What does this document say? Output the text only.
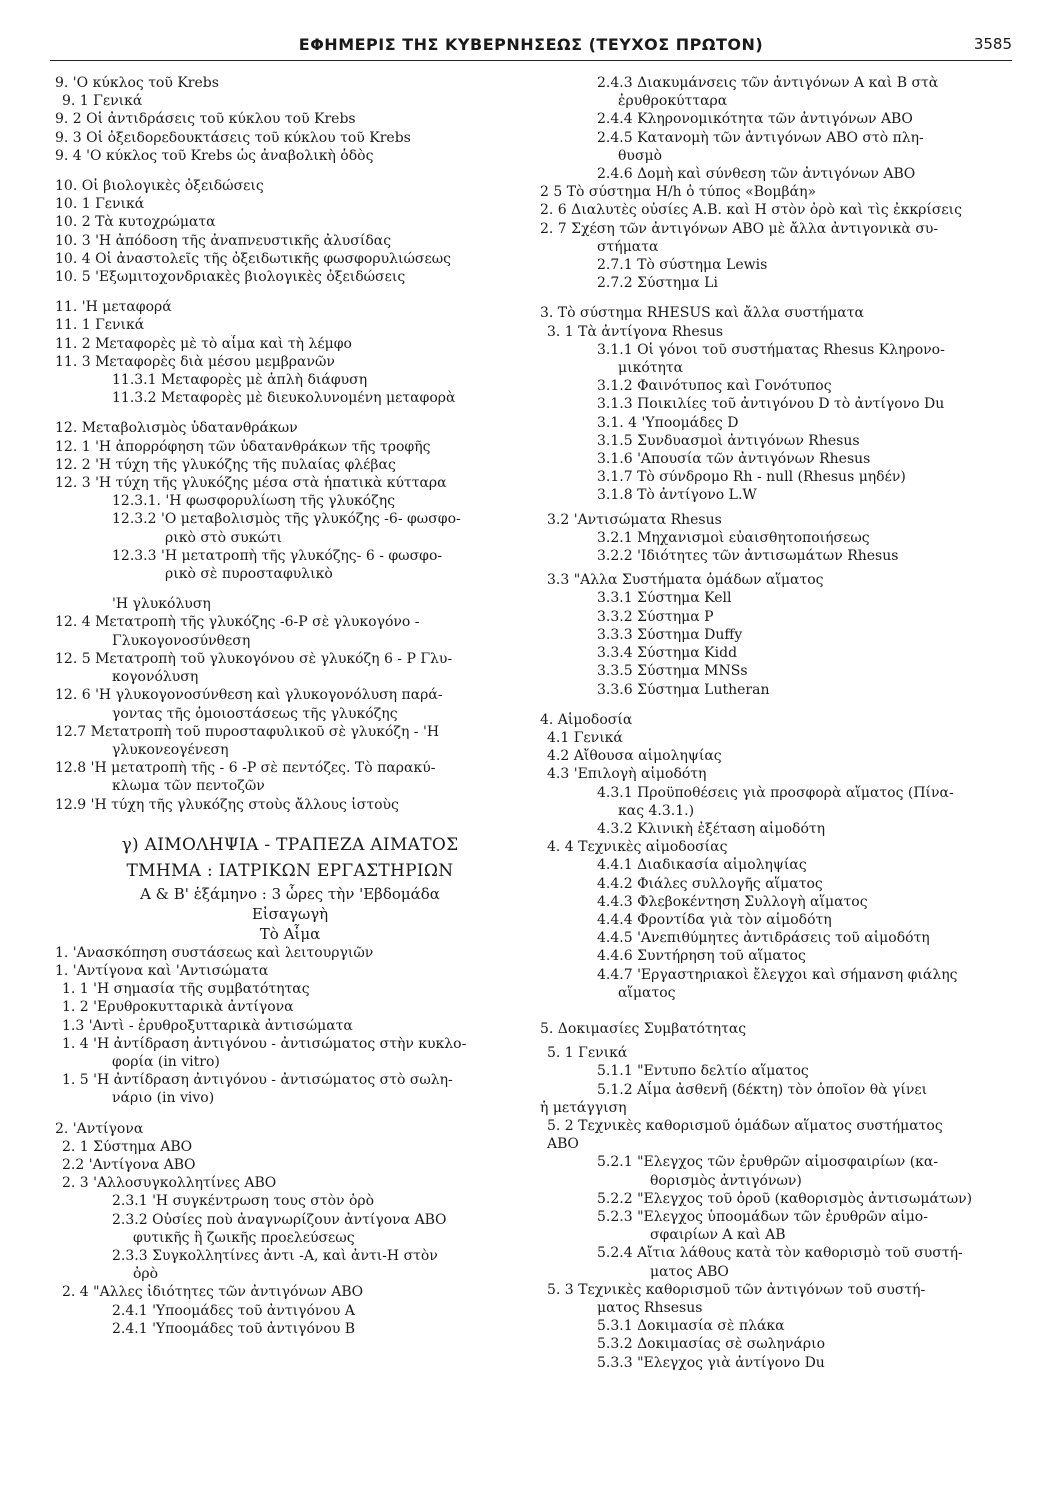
ΕΦΗΜΕΡΙΣ ΤΗΣ ΚΥΒΕΡΝΗΣΕΩΣ (ΤΕΥΧΟΣ ΠΡΩΤΟΝ)	3585
9. 'Ο κύκλος τοῦ Krebs
9. 1 Γενικά
9. 2 Οἱ ἀντιδράσεις τοῦ κύκλου τοῦ Krebs
9. 3 Οἱ ὀξειδορεδουκτάσεις τοῦ κύκλου τοῦ Krebs
9. 4 'Ο κύκλος τοῦ Krebs ὡς ἀναβολικὴ ὁδὸς
10. Οἱ βιολογικὲς ὀξειδώσεις
10. 1 Γενικά
10. 2 Τὰ κυτοχρώματα
10. 3 'Η ἀπόδοση τῆς ἀναπνευστικῆς ἀλυσίδας
10. 4 Οἱ ἀναστολεῖς τῆς ὀξειδωτικῆς φωσφορυλιώσεως
10. 5 'Εξωμιτοχονδριακὲς βιολογικὲς ὀξειδώσεις
11. 'Η μεταφορά
11. 1 Γενικά
11. 2 Μεταφορὲς μὲ τὸ αἷμα καὶ τὴ λέμφο
11. 3 Μεταφορὲς διὰ μέσου μεμβρανῶν
11.3.1 Μεταφορὲς μὲ ἁπλὴ διάφυση
11.3.2 Μεταφορὲς μὲ διευκολυνομένη μεταφορὰ
12. Μεταβολισμὸς ὑδατανθράκων
12. 1 'Η ἀπορρόφηση τῶν ὑδατανθράκων τῆς τροφῆς
12. 2 'Η τύχη τῆς γλυκόζης τῆς πυλαίας φλέβας
12. 3 'Η τύχη τῆς γλυκόζης μέσα στὰ ἡπατικὰ κύτταρα
12.3.1. 'Η φωσφορυλίωση τῆς γλυκόζης
12.3.2 'Ο μεταβολισμὸς τῆς γλυκόζης -6- φωσφο-
ρικὸ στὸ συκώτι
12.3.3 'Η μετατροπὴ τῆς γλυκόζης- 6 - φωσφο-
ρικὸ σὲ πυροσταφυλικὸ
'Η γλυκόλυση
12. 4 Μετατροπὴ τῆς γλυκόζης -6-P σὲ γλυκογόνο -
Γλυκογονοσύνθεση
12. 5 Μετατροπὴ τοῦ γλυκογόνου σὲ γλυκόζη 6 - P Γλυ-
κογονόλυση
12. 6 'Η γλυκογονοσύνθεση καὶ γλυκογονόλυση παρά-
γοντας τῆς ὁμοιοστάσεως τῆς γλυκόζης
12.7 Μετατροπὴ τοῦ πυροσταφυλικοῦ σὲ γλυκόζη - 'Η
γλυκονεογένεση
12.8 'Η μετατροπὴ τῆς - 6 -P σὲ πεντόζες. Τὸ παρακύ-
κλωμα τῶν πεντοζῶν
12.9 'Η τύχη τῆς γλυκόζης στοὺς ἄλλους ἱστοὺς
γ) ΑΙΜΟΛΗΨΙΑ - ΤΡΑΠΕΖΑ ΑΙΜΑΤΟΣ
ΤΜΗΜΑ : ΙΑΤΡΙΚΩΝ ΕΡΓΑΣΤΗΡΙΩΝ
Α & Β' ἑξάμηνο : 3 ὧρες τὴν 'Εβδομάδα
Εἰσαγωγὴ
Τὸ Αἷμα
1. 'Ανασκόπηση συστάσεως καὶ λειτουργιῶν
1. 'Αντίγονα καὶ 'Αντισώματα
1. 1 'Η σημασία τῆς συμβατότητας
1. 2 'Ερυθροκυτταρικὰ ἀντίγονα
1.3 'Αντὶ - ἐρυθροξυτταρικὰ ἀντισώματα
1. 4 'Η ἀντίδραση ἀντιγόνου - ἀντισώματος στὴν κυκλο-
φορία (in vitro)
1. 5 'Η ἀντίδραση ἀντιγόνου - ἀντισώματος στὸ σωλη-
νάριο (in vivo)
2. 'Αντίγονα
2. 1 Σύστημα ΑΒΟ
2.2 'Αντίγονα ΑΒΟ
2. 3 'Αλλοσυγκολλητίνες ΑΒΟ
2.3.1 'Η συγκέντρωση τους στὸν ὀρὸ
2.3.2 Οὐσίες ποὺ ἀναγνωρίζουν ἀντίγονα ΑΒΟ
φυτικῆς ἢ ζωικῆς προελεύσεως
2.3.3 Συγκολλητίνες ἀντι -Α, καὶ ἀντι-Η στὸν
ὀρὸ
2. 4 "Αλλες ἰδιότητες τῶν ἀντιγόνων ΑΒΟ
2.4.1 'Υποομάδες τοῦ ἀντιγόνου Α
2.4.1 'Υποομάδες τοῦ ἀντιγόνου Β
2.4.3 Διακυμάνσεις τῶν ἀντιγόνων Α καὶ Β στὰ
ἐρυθροκύτταρα
2.4.4 Κληρονομικότητα τῶν ἀντιγόνων ΑΒΟ
2.4.5 Κατανομὴ τῶν ἀντιγόνων ΑΒΟ στὸ πλη-
θυσμὸ
2.4.6 Δομὴ καὶ σύνθεση τῶν ἀντιγόνων ΑΒΟ
2 5 Τὸ σύστημα Η/h ὁ τύπος «Βομβάη»
2. 6 Διαλυτὲς οὐσίες Α.Β. καὶ Η στὸν ὀρὸ καὶ τὶς ἐκκρίσεις
2. 7 Σχέση τῶν ἀντιγόνων ΑΒΟ μὲ ἄλλα ἀντιγονικὰ συ-
στήματα
2.7.1 Τὸ σύστημα Lewis
2.7.2 Σύστημα Li
3. Τὸ σύστημα RHESUS καὶ ἄλλα συστήματα
3. 1 Τὰ ἀντίγονα Rhesus
3.1.1 Οἱ γόνοι τοῦ συστήματας Rhesus Κληρονο-
μικότητα
3.1.2 Φαινότυπος καὶ Γονότυπος
3.1.3 Ποικιλίες τοῦ ἀντιγόνου D τὸ ἀντίγονο Du
3.1. 4 'Υποομάδες D
3.1.5 Συνδυασμοὶ ἀντιγόνων Rhesus
3.1.6 'Απουσία τῶν ἀντιγόνων Rhesus
3.1.7 Τὸ σύνδρομο Rh - null (Rhesus μηδέν)
3.1.8 Τὸ ἀντίγονο L.W
3.2 'Αντισώματα Rhesus
3.2.1 Μηχανισμοὶ εὐαισθητοποιήσεως
3.2.2 'Ιδιότητες τῶν ἀντισωμάτων Rhesus
3.3 "Αλλα Συστήματα ὁμάδων αἵματος
3.3.1 Σύστημα Kell
3.3.2 Σύστημα P
3.3.3 Σύστημα Duffy
3.3.4 Σύστημα Kidd
3.3.5 Σύστημα MNSs
3.3.6 Σύστημα Lutheran
4. Αἱμοδοσία
4.1 Γενικά
4.2 Αἴθουσα αἱμοληψίας
4.3 'Επιλογὴ αἱμοδότη
4.3.1 Προϋποθέσεις γιὰ προσφορὰ αἵματος (Πίνα-
κας 4.3.1.)
4.3.2 Κλινικὴ ἐξέταση αἱμοδότη
4. 4 Τεχνικὲς αἱμοδοσίας
4.4.1 Διαδικασία αἱμοληψίας
4.4.2 Φιάλες συλλογῆς αἵματος
4.4.3 Φλεβοκέντηση Συλλογὴ αἵματος
4.4.4 Φροντίδα γιὰ τὸν αἱμοδότη
4.4.5 'Ανεπιθύμητες ἀντιδράσεις τοῦ αἱμοδότη
4.4.6 Συντήρηση τοῦ αἵματος
4.4.7 'Εργαστηριακοὶ ἔλεγχοι καὶ σήμανση φιάλης
αἵματος
5. Δοκιμασίες Συμβατότητας
5. 1 Γενικά
5.1.1 "Εντυπο δελτίο αἵματος
5.1.2 Αἷμα ἀσθενῆ (δέκτη) τὸν ὁποῖον θὰ γίνει
ἡ μετάγγιση
5. 2 Τεχνικὲς καθορισμοῦ ὁμάδων αἵματος συστήματος
ΑΒΟ
5.2.1 "Ελεγχος τῶν ἐρυθρῶν αἱμοσφαιρίων (κα-
θορισμὸς ἀντιγόνων)
5.2.2 "Ελεγχος τοῦ ὀροῦ (καθορισμὸς ἀντισωμάτων)
5.2.3 "Ελεγχος ὑποομάδων τῶν ἐρυθρῶν αἱμο-
σφαιρίων Α καὶ ΑΒ
5.2.4 Αἴτια λάθους κατὰ τὸν καθορισμὸ τοῦ συστή-
ματος ΑΒΟ
5. 3 Τεχνικὲς καθορισμοῦ τῶν ἀντιγόνων τοῦ συστή-
ματος Rhsesus
5.3.1 Δοκιμασία σὲ πλάκα
5.3.2 Δοκιμασίας σὲ σωληνάριο
5.3.3 "Ελεγχος γιὰ ἀντίγονο Du
